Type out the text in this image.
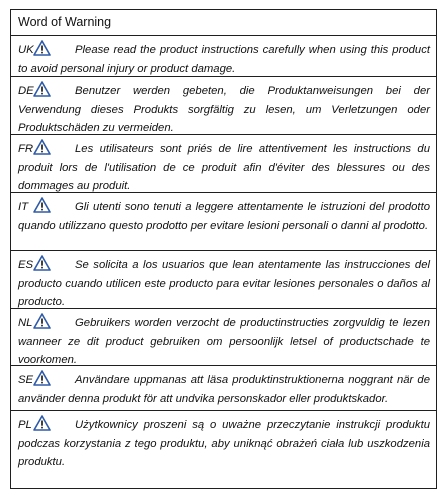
Word of Warning
UK	Please read the product instructions carefully when using this product to avoid personal injury or product damage.
DE	Benutzer werden gebeten, die Produktanweisungen bei der Verwendung dieses Produkts sorgfältig zu lesen, um Verletzungen oder Produktschäden zu vermeiden.
FR	Les utilisateurs sont priés de lire attentivement les instructions du produit lors de l'utilisation de ce produit afin d'éviter des blessures ou des dommages au produit.
IT	Gli utenti sono tenuti a leggere attentamente le istruzioni del prodotto quando utilizzano questo prodotto per evitare lesioni personali o danni al prodotto.
ES	Se solicita a los usuarios que lean atentamente las instrucciones del producto cuando utilicen este producto para evitar lesiones personales o daños al producto.
NL	Gebruikers worden verzocht de productinstructies zorgvuldig te lezen wanneer ze dit product gebruiken om persoonlijk letsel of productschade te voorkomen.
SE	Användare uppmanas att läsa produktinstruktionerna noggrant när de använder denna produkt för att undvika personskador eller produktskador.
PL	Użytkownicy proszeni są o uważne przeczytanie instrukcji produktu podczas korzystania z tego produktu, aby uniknąć obrażeń ciała lub uszkodzenia produktu.
